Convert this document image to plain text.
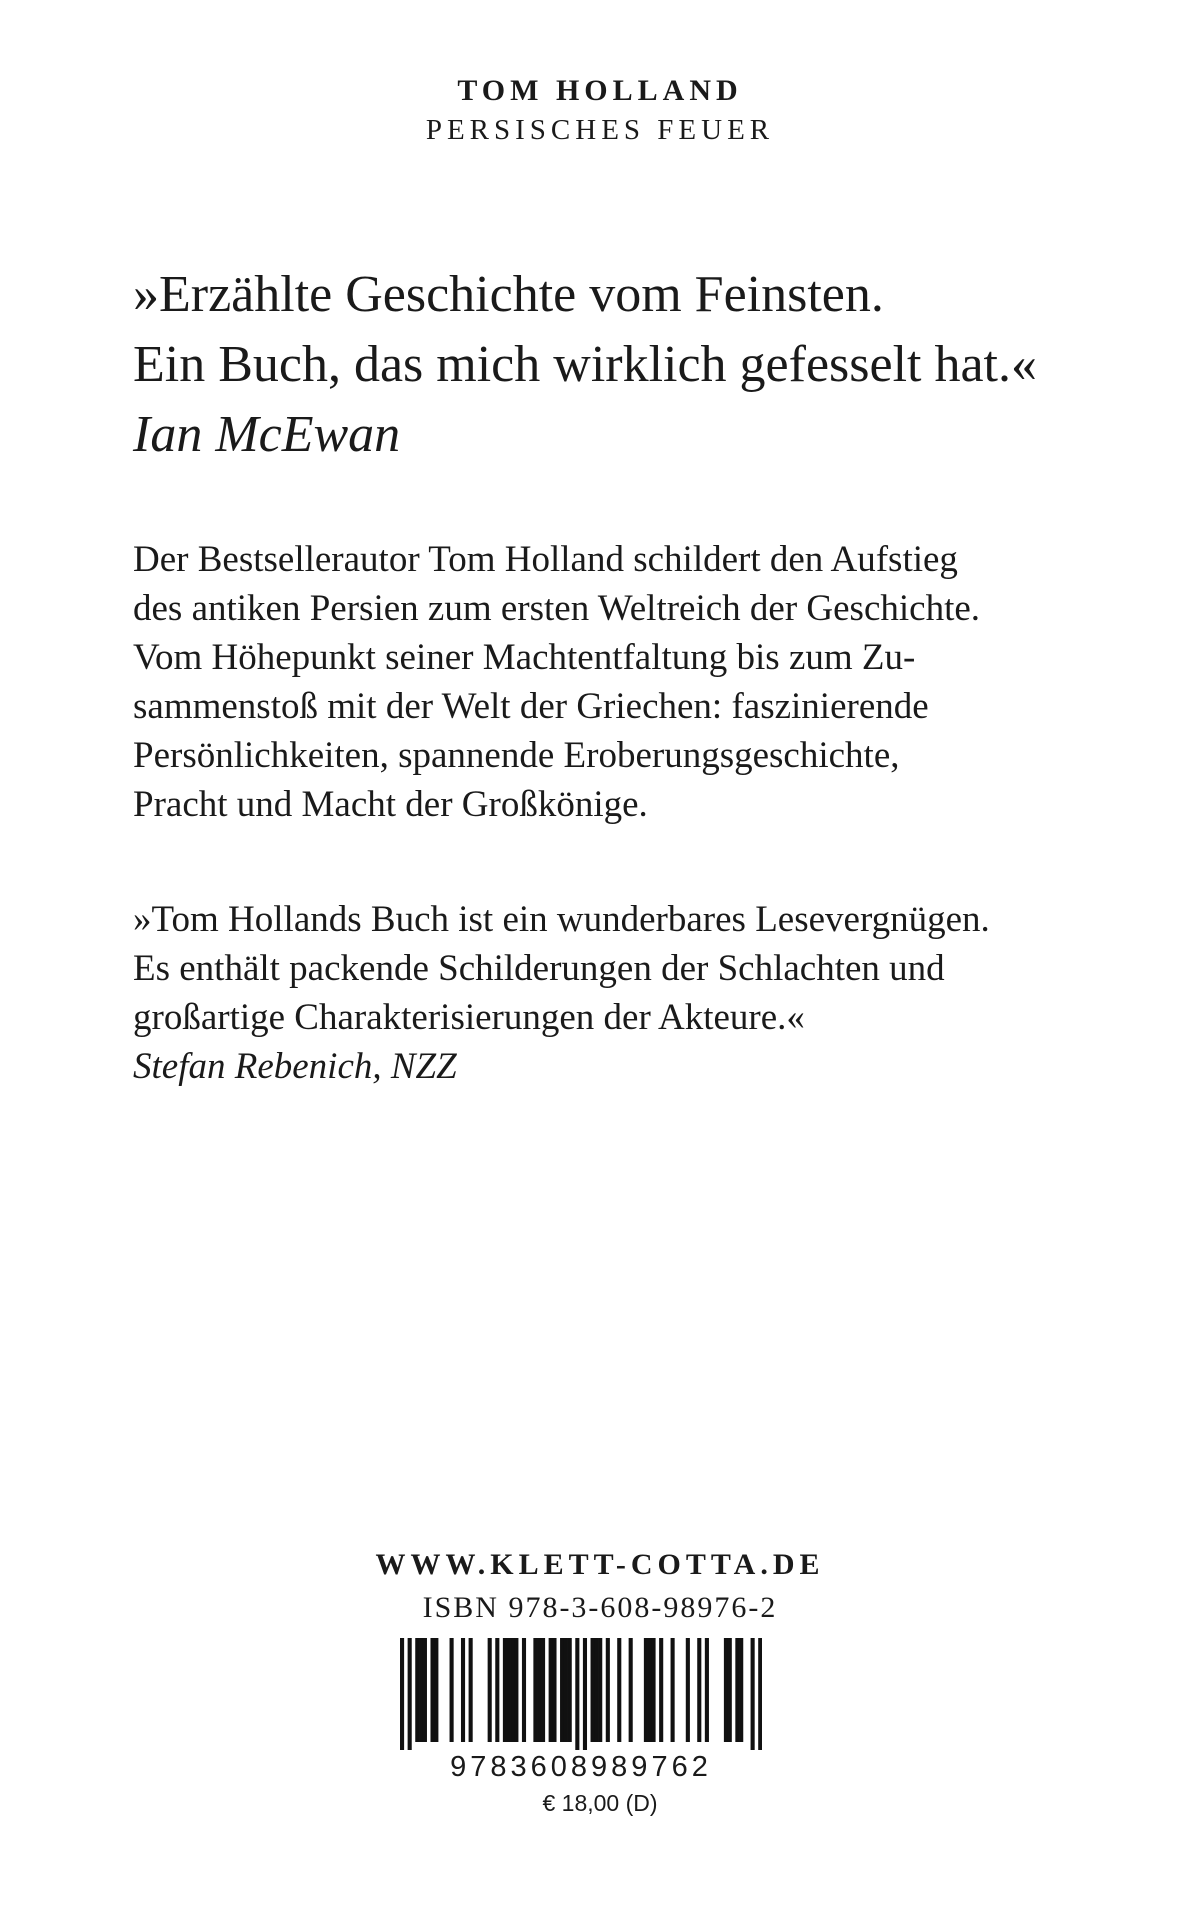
TOM HOLLAND
PERSISCHES FEUER
»Erzählte Geschichte vom Feinsten.
Ein Buch, das mich wirklich gefesselt hat.«
Ian McEwan
Der Bestsellerautor Tom Holland schildert den Aufstieg
des antiken Persien zum ersten Weltreich der Geschichte.
Vom Höhepunkt seiner Machtentfaltung bis zum Zu-
sammenstoß mit der Welt der Griechen: faszinierende
Persönlichkeiten, spannende Eroberungsgeschichte,
Pracht und Macht der Großkönige.
»Tom Hollands Buch ist ein wunderbares Lesevergnügen.
Es enthält packende Schilderungen der Schlachten und
großartige Charakterisierungen der Akteure.«
Stefan Rebenich, NZZ
WWW.KLETT-COTTA.DE
ISBN 978-3-608-98976-2
9783608989762
€ 18,00 (D)
